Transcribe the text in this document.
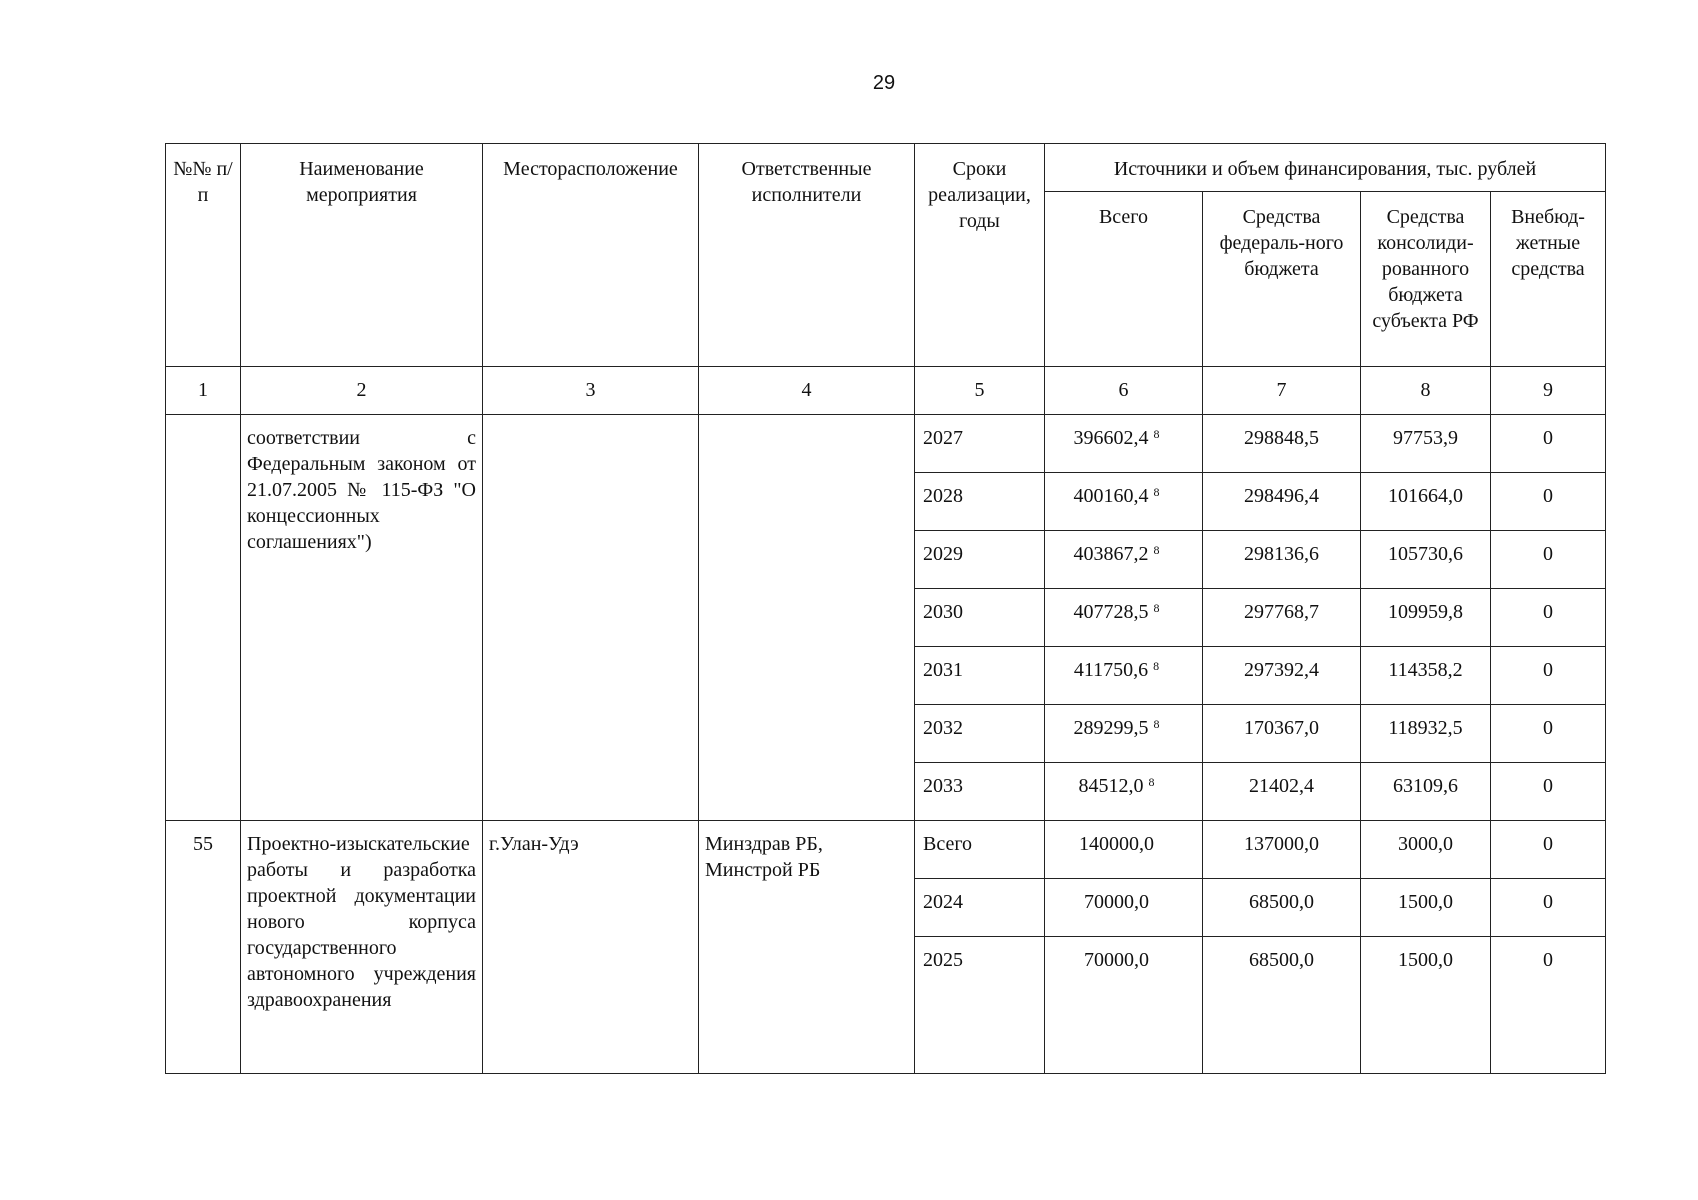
29
№№ п/п	Наименование мероприятия	Месторасположение	Ответственные исполнители	Сроки реализации, годы	Источники и объем финансирования, тыс. рублей			
					Всего	Средства федераль-ного бюджета	Средства консолиди-рованного бюджета субъекта РФ	Внебюд-жетные средства
1	2	3	4	5	6	7	8	9
	соответствии с Федеральным законом от 21.07.2005 № 115-ФЗ "О концессионных соглашениях")			2027	396602,4 $^8$	298848,5	97753,9	0
				2028	400160,4 $^8$	298496,4	101664,0	0
				2029	403867,2 $^8$	298136,6	105730,6	0
				2030	407728,5 $^8$	297768,7	109959,8	0
				2031	411750,6 $^8$	297392,4	114358,2	0
				2032	289299,5 $^8$	170367,0	118932,5	0
				2033	84512,0 $^8$	21402,4	63109,6	0
55	Проектно-изыскательские работы и разработка проектной документации нового корпуса государственного автономного учреждения здравоохранения	г.Улан-Удэ	Минздрав РБ, Минстрой РБ	Всего	140000,0	137000,0	3000,0	0
				2024	70000,0	68500,0	1500,0	0
				2025	70000,0	68500,0	1500,0	0
